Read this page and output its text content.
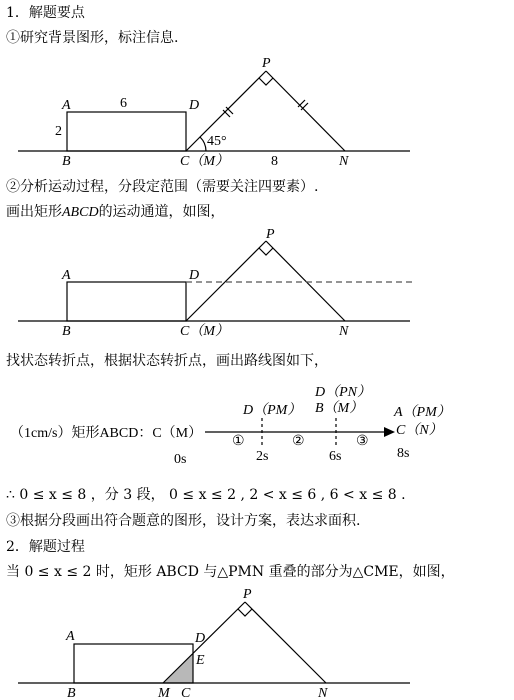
1．解题要点
①研究背景图形，标注信息.
②分析运动过程，分段定范围（需要关注四要素）.
画出矩形ABCD的运动通道，如图，
找状态转折点，根据状态转折点，画出路线图如下，
∴ 0 ≤ x ≤ 8 ，分 3 段， 0 ≤ x ≤ 2 , 2 < x ≤ 6 , 6 < x ≤ 8 .
③根据分段画出符合题意的图形，设计方案，表达求面积.
2．解题过程
当 0 ≤ x ≤ 2 时，矩形 ABCD 与△PMN 重叠的部分为△CME，如图，
A
B
D
C（M）	N
P
6
2
8
45°
A
B
D
C（M）	N
P
（1cm/s）矩形ABCD：C（M）
①	②	③
0s	2s	6s	8s
D（PM）
D（PN）
B（M） A（PM）
C（N）
A
B
D
E
M C	N
P
